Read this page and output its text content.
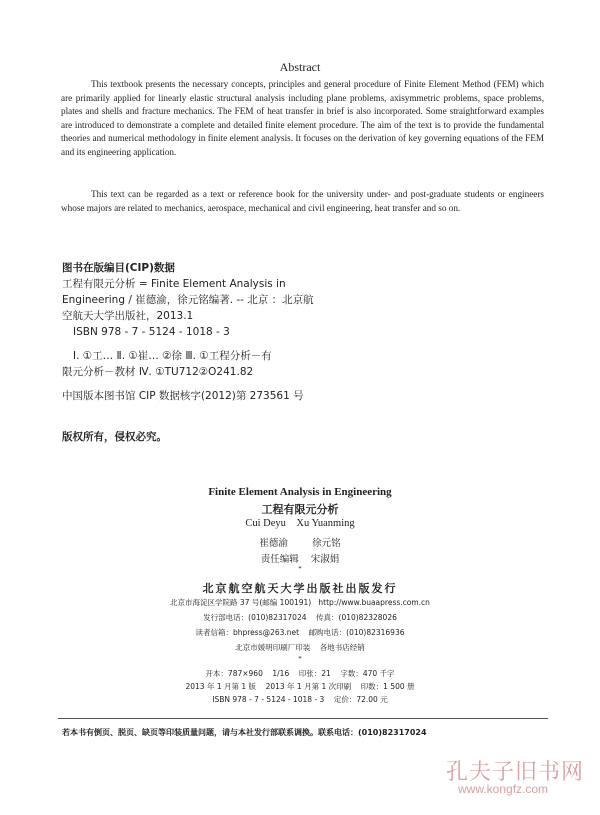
Abstract
This textbook presents the necessary concepts, principles and general procedure of Finite Element Method (FEM) which are primarily applied for linearly elastic structural analysis including plane problems, axisymmetric problems, space problems, plates and shells and fracture mechanics. The FEM of heat transfer in brief is also incorporated. Some straightforward examples are introduced to demonstrate a complete and detailed finite element procedure. The aim of the text is to provide the fundamental theories and numerical methodology in finite element analysis. It focuses on the derivation of key governing equations of the FEM and its engineering application.
This text can be regarded as a text or reference book for the university under- and post-graduate students or engineers whose majors are related to mechanics, aerospace, mechanical and civil engineering, heat transfer and so on.
图书在版编目(CIP)数据
工程有限元分析 = Finite Element Analysis in
Engineering / 崔德渝，徐元铭编著. -- 北京 ：北京航
空航天大学出版社，2013.1
ISBN 978 - 7 - 5124 - 1018 - 3
Ⅰ. ①工… Ⅱ. ①崔… ②徐 Ⅲ. ①工程分析－有
限元分析－教材 Ⅳ. ①TU712②O241.82
中国版本图书馆 CIP 数据核字(2012)第 273561 号
版权所有，侵权必究。
Finite Element Analysis in Engineering
工程有限元分析
Cui Deyu    Xu Yuanming
崔德渝        徐元铭
责任编辑    宋淑娟
*
北京航空航天大学出版社出版发行
北京市海淀区学院路 37 号(邮编 100191)   http://www.buaapress.com.cn
发行部电话：(010)82317024    传真：(010)82328026
读者信箱：bhpress@263.net    邮购电话：(010)82316936
北京市媛明印刷厂印装    各地书店经销
*
开本：787×960    1/16    印张：21    字数：470 千字
2013 年 1 月第 1 版    2013 年 1 月第 1 次印刷    印数：1 500 册
ISBN 978 - 7 - 5124 - 1018 - 3    定价：72.00 元
若本书有倒页、脱页、缺页等印装质量问题，请与本社发行部联系调换。联系电话：(010)82317024
孔夫子旧书网
www.kongfz.com
